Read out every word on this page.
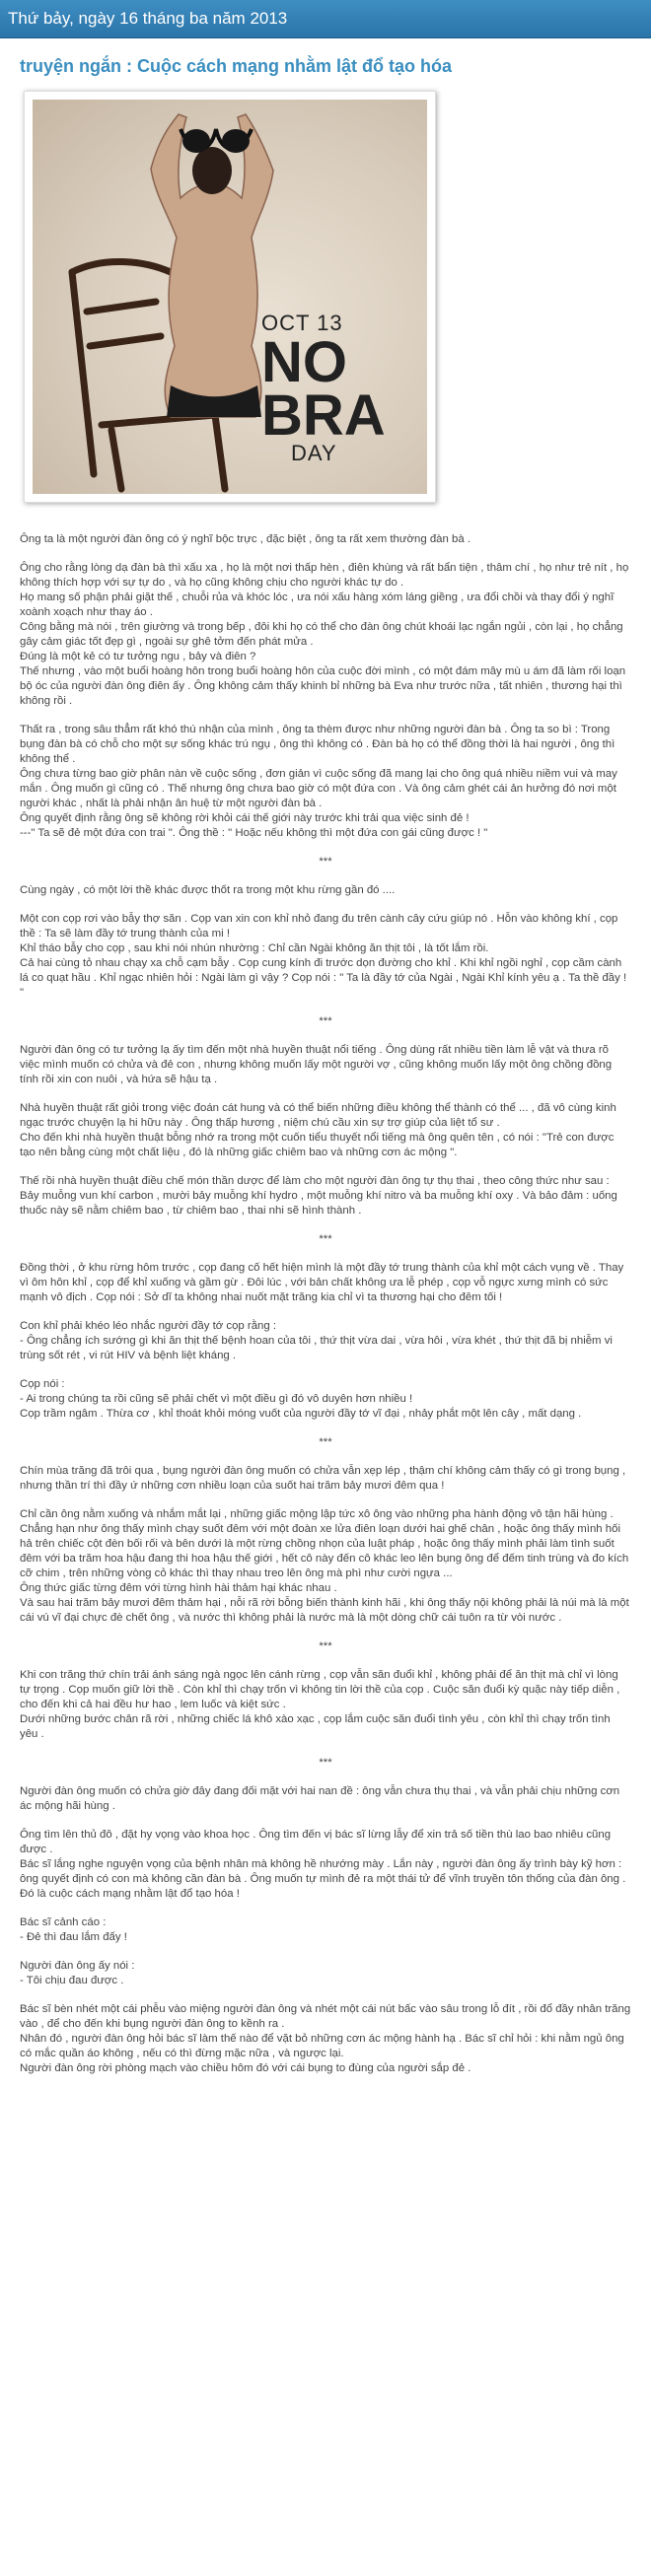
Thứ bảy, ngày 16 tháng ba năm 2013
truyện ngắn : Cuộc cách mạng nhằm lật đổ tạo hóa
OCT 13
NO
BRA
DAY

Ông ta là một người đàn ông có ý nghĩ bộc trực , đặc biệt , ông ta rất xem thường đàn bà .

Ông cho rằng lòng dạ đàn bà thì xấu xa , họ là một nơi thấp hèn , điên khùng và rất bẩn tiện , thâm chí , họ như trẻ nít , họ không thích hợp với sự tự do , và họ cũng không chịu cho người khác tự do .
Họ mang số phận phải giặt thế , chuỗi rủa và khóc lóc , ưa nói xấu hàng xóm láng giềng , ưa đổi chồi và thay đổi ý nghĩ xoành xoạch như thay áo .
Công bằng mà nói , trên giường và trong bếp , đôi khi họ có thể cho đàn ông chút khoái lạc ngắn ngủi , còn lại , họ chẳng gây cảm giác tốt đẹp gì , ngoài sự ghê tởm đến phát mửa .
Đúng là một kẻ có tư tưởng ngu , bảy và điên ?
Thế nhưng , vào một buổi hoàng hôn trong buổi hoàng hôn của cuộc đời mình , có một đám mây mù u ám đã làm rối loạn bộ óc của người đàn ông điên ấy . Ông không cảm thấy khinh bỉ những bà Eva như trước nữa , tất nhiên , thương hại thì không rồi .

Thất ra , trong sâu thẳm rất khó thú nhận của mình , ông ta thèm được như những người đàn bà . Ông ta so bì : Trong bụng đàn bà có chỗ cho một sự sống khác trú ngụ , ông thì không có . Đàn bà họ có thể đồng thời là hai người , ông thì không thể .
Ông chưa từng bao giờ phân nàn về cuộc sống , đơn giản vì cuộc sống đã mang lại cho ông quá nhiều niềm vui và may mắn . Ông muốn gì cũng có . Thế nhưng ông chưa bao giờ có một đứa con . Và ông cảm ghét cái ản hưởng đó nơi một người khác , nhất là phải nhận ân huệ từ một người đàn bà .
Ông quyết định rằng ông sẽ không rời khỏi cái thế giới này trước khi trải qua việc sinh đẻ !
---" Ta sẽ đẻ một đứa con trai ". Ông thề : " Hoặc nếu không thì một đứa con gái cũng được ! "

***

Cùng ngày , có một lời thề khác được thốt ra trong một khu rừng gần đó ....

Một con cọp rơi vào bẫy thợ săn . Cọp van xin con khỉ nhỏ đang đu trên cành cây cứu giúp nó . Hỗn vào không khí , cọp thề : Ta sẽ làm đầy tớ trung thành của mi !
Khỉ tháo bẫy cho cọp , sau khi nói nhún nhường : Chỉ cần Ngài không ăn thịt tôi , là tốt lắm rồi.
Cả hai cùng tỏ nhau chạy xa chỗ cạm bẫy . Cọp cung kính đi trước dọn đường cho khỉ . Khi khỉ ngồi nghỉ , cọp cầm cành lá co quạt hầu . Khỉ ngạc nhiên hỏi : Ngài làm gì vậy ? Cọp nói : " Ta là đầy tớ của Ngài , Ngài Khỉ kính yêu ạ . Ta thề đầy ! "

***

Người đàn ông có tư tưởng lạ ấy tìm đến một nhà huyền thuật nổi tiếng . Ông dùng rất nhiều tiền làm lễ vật và thưa rõ việc mình muốn có chửa và đẻ con , nhưng không muốn lấy một người vợ , cũng không muốn lấy một ông chồng đồng tính rồi xin con nuôi , và hứa sẽ hậu tạ .

Nhà huyền thuật rất giỏi trong việc đoán cát hung và có thể biến những điều không thể thành có thể ... , đã vô cùng kinh ngạc trước chuyện lạ hi hữu này . Ông thấp hương , niệm chú cầu xin sự trợ giúp của liệt tổ sư .
Cho đến khi nhà huyền thuật bỗng nhớ ra trong một cuốn tiểu thuyết nổi tiếng mà ông quên tên , có nói : "Trẻ con được tạo nên bằng cùng một chất liệu , đó là những giấc chiêm bao và những cơn ác mộng ".

Thế rồi nhà huyền thuật điều chế món thần dược để làm cho một người đàn ông tự thụ thai , theo công thức như sau : Bảy muỗng vun khí carbon , mười bảy muỗng khí hydro , một muỗng khí nitro và ba muỗng khí oxy . Và bảo đảm : uống thuốc này sẽ nằm chiêm bao , từ chiêm bao , thai nhi sẽ hình thành .

***

Đồng thời , ở khu rừng hôm trước , cọp đang cố hết hiện mình là một đầy tớ trung thành của khỉ một cách vụng về . Thay vì ôm hôn khỉ , cọp để khỉ xuống và gầm gừ . Đôi lúc , với bản chất không ưa lễ phép , cọp vỗ ngực xưng mình có sức mạnh vô địch . Cọp nói : Sở dĩ ta không nhai nuốt mặt trăng kia chỉ vì ta thương hại cho đêm tối !

Con khỉ phải khéo léo nhắc người đầy tớ cọp rằng :
- Ông chẳng ích sướng gì khi ăn thịt thế bệnh hoan của tôi , thứ thịt vừa dai , vừa hôi , vừa khét , thứ thịt đã bị nhiễm vi trùng sốt rét , vi rút HIV và bệnh liệt kháng .

Cọp nói :
- Ai trong chúng ta rồi cũng sẽ phải chết vì một điều gì đó vô duyên hơn nhiều !
Cọp trầm ngâm . Thừa cơ , khỉ thoát khỏi móng vuốt của người đầy tớ vĩ đại , nhảy phắt một lên cây , mất dạng .

***

Chín mùa trăng đã trôi qua , bụng người đàn ông muốn có chửa vẫn xẹp lép , thậm chí không cảm thấy có gì trong bụng , nhưng thần trí thì đầy ứ những cơn nhiều loạn của suốt hai trăm bảy mươi đêm qua !

Chỉ cần ông nằm xuống và nhắm mắt lại , những giấc mộng lập tức xô ông vào những pha hành động vô tận hãi hùng .
Chẳng hạn như ông thấy mình chạy suốt đêm với một đoàn xe lửa điên loạn dưới hai ghế chân , hoặc ông thấy mình hối hả trên chiếc cột đèn bối rối và bên dưới là một rừng chồng nhọn của luật pháp , hoặc ông thấy mình phải làm tình suốt đêm với ba trăm hoa hậu đang thi hoa hậu thế giới , hết cô này đến cô khác leo lên bụng ông để đếm tinh trùng và đo kích cỡ chim , trên những vòng cỏ khác thì thay nhau treo lên ông mà phì như cười ngựa ...
Ông thức giấc từng đêm với từng hình hài thảm hại khác nhau .
Và sau hai trăm bảy mươi đêm thảm hại , nỗi rã rời bỗng biến thành kinh hãi , khi ông thấy nội không phải là núi mà là một cái vú vĩ đại chực đè chết ông , và nước thì không phải là nước mà là một dòng chữ cái tuôn ra từ vòi nước .

***

Khi con trăng thứ chín trải ánh sáng ngà ngọc lên cánh rừng , cọp vẫn săn đuổi khỉ , không phải để ăn thịt mà chỉ vì lòng tự trọng . Cọp muốn giữ lời thề . Còn khỉ thì chạy trốn vì không tin lời thề của cọp . Cuộc săn đuổi kỳ quặc này tiếp diễn , cho đến khi cả hai đều hư hao , lem luốc và kiệt sức .
Dưới những bước chân rã rời , những chiếc lá khô xào xạc , cọp lắm cuộc săn đuổi tình yêu , còn khỉ thì chạy trốn tình yêu .

***

Người đàn ông muốn có chửa giờ đây đang đối mặt với hai nan đề : ông vẫn chưa thụ thai , và vẫn phải chịu những cơn ác mộng hãi hùng .

Ông tìm lên thủ đô , đặt hy vọng vào khoa học . Ông tìm đến vị bác sĩ lừng lẫy để xin trả số tiền thù lao bao nhiêu cũng được .
Bác sĩ lắng nghe nguyện vọng của bệnh nhân mà không hề nhướng mày . Lắn này , người đàn ông ấy trình bày kỹ hơn : ông quyết định có con mà không cần đàn bà . Ông muốn tự mình đẻ ra một thái tử để vĩnh truyền tôn thống của đàn ông .
Đó là cuộc cách mạng nhằm lật đổ tạo hóa !

Bác sĩ cảnh cáo :
- Đẻ thì đau lắm đấy !

Người đàn ông ấy nói :
- Tôi chịu đau được .

Bác sĩ bèn nhét một cái phễu vào miệng người đàn ông và nhét một cái nút bấc vào sâu trong lỗ đít , rồi đổ đầy nhân trăng vào , để cho đến khi bụng người đàn ông to kềnh ra .
Nhân đó , người đàn ông hỏi bác sĩ làm thế nào để vặt bỏ những cơn ác mộng hành hạ . Bác sĩ chỉ hỏi : khi nằm ngủ ông có mắc quần áo không , nếu có thì đừng mặc nữa , và ngược lại.
Người đàn ông rời phòng mạch vào chiều hôm đó với cái bụng to đùng của người sắp đẻ .
